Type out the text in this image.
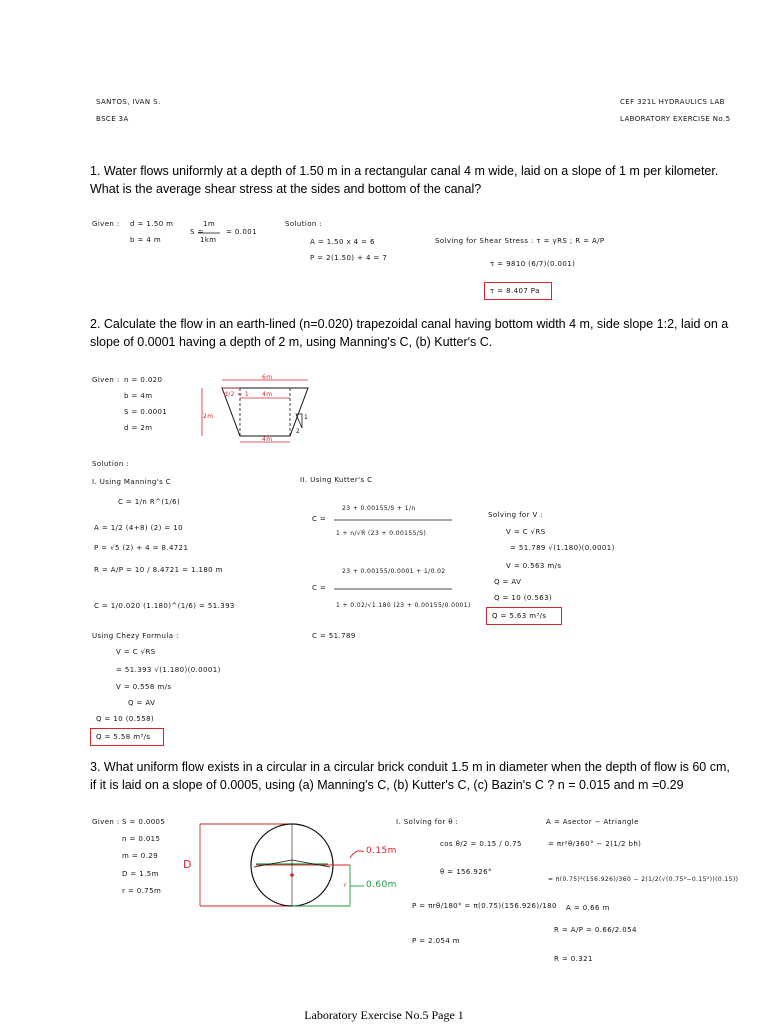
SANTOS, IVAN S.
BSCE 3A
CEF 321L HYDRAULICS LAB
LABORATORY EXERCISE No.5
1. Water flows uniformly at a depth of 1.50 m in a rectangular canal 4 m wide, laid on a slope of 1 m per kilometer. What is the average shear stress at the sides and bottom of the canal?
Given : d = 1.50 m
b = 4 m
S =
1m
1km
= 0.001
Solution :
A = 1.50 x 4 = 6
P = 2(1.50) + 4 = 7
Solving for Shear Stress : τ = γRS ; R = A/P
τ = 9810 (6/7)(0.001)
τ = 8.407 Pa
2. Calculate the flow in an earth-lined (n=0.020) trapezoidal canal having bottom width 4 m, side slope 1:2, laid on a slope of 0.0001 having a depth of 2 m, using Manning's C, (b) Kutter's C.
Given : n = 0.020
b = 4m
S = 0.0001
d = 2m
6m
d/2 = 1 4m
2m
4m
1
2
Solution :
I. Using Manning's C
C = 1/n R^(1/6)
A = 1/2 (4+8) (2) = 10
P = √5 (2) + 4 = 8.4721
R = A/P = 10 / 8.4721 = 1.180 m
C = 1/0.020 (1.180)^(1/6) = 51.393
Using Chezy Formula :
V = C √RS
= 51.393 √(1.180)(0.0001)
V = 0.558 m/s
Q = AV
Q = 10 (0.558)
Q = 5.58 m³/s
II. Using Kutter's C
C =
23 + 0.00155/S + 1/n
1 + n/√R (23 + 0.00155/S)
C =
23 + 0.00155/0.0001 + 1/0.02
1 + 0.02/√1.180 (23 + 0.00155/0.0001)
C = 51.789
Solving for V :
V = C √RS
= 51.789 √(1.180)(0.0001)
V = 0.563 m/s
Q = AV
Q = 10 (0.563)
Q = 5.63 m³/s
3. What uniform flow exists in a circular in a circular brick conduit 1.5 m in diameter when the depth of flow is 60 cm, if it is laid on a slope of 0.0005, using (a) Manning's C, (b) Kutter's C, (c) Bazin's C ? n = 0.015 and m =0.29
Given : S = 0.0005
n = 0.015
m = 0.29
D = 1.5m
r = 0.75m
D
r
0.15m
0.60m
I. Solving for θ :
cos θ/2 = 0.15 / 0.75
θ = 156.926°
P = πrθ/180° = π(0.75)(156.926)/180
P = 2.054 m
A = Asector − Atriangle
= πr²θ/360° − 2(1/2 bh)
= π(0.75)²(156.926)/360 − 2(1/2(√(0.75²−0.15²))(0.15))
A = 0.66 m
R = A/P = 0.66/2.054
R = 0.321
Laboratory Exercise No.5 Page 1
